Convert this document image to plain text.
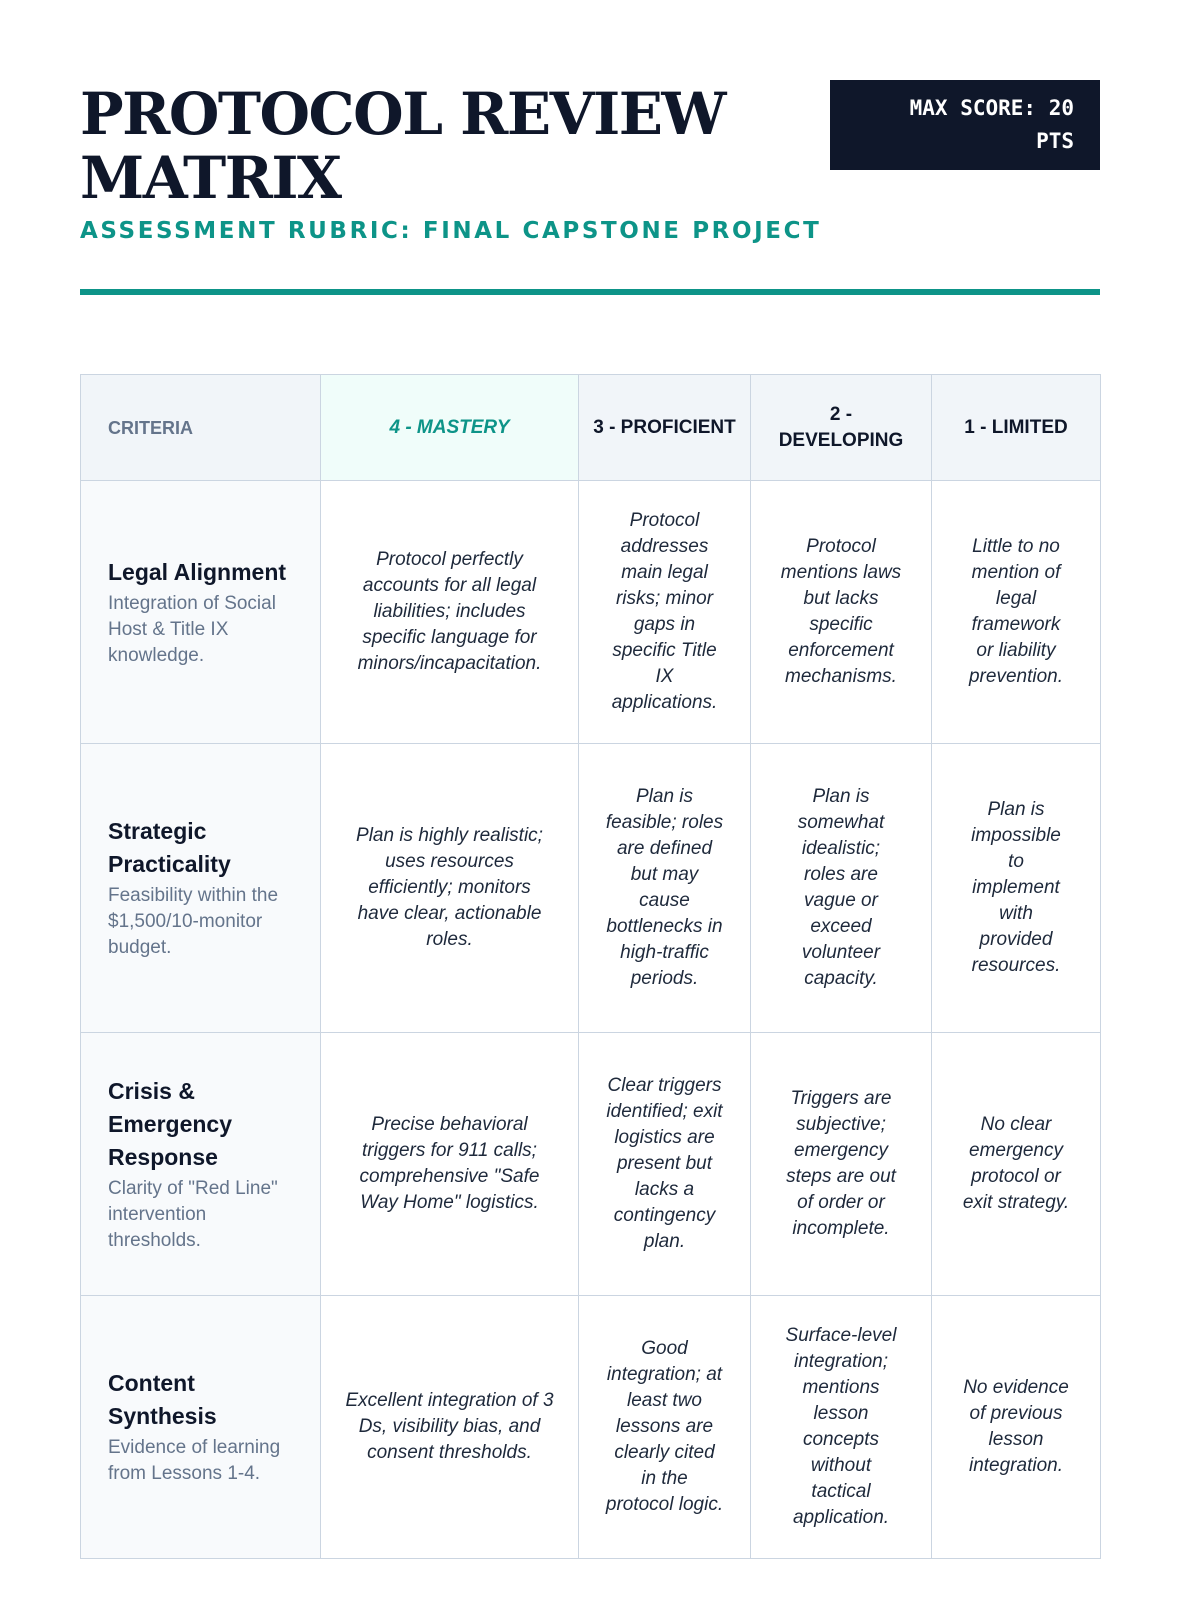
PROTOCOL REVIEW MATRIX
ASSESSMENT RUBRIC: FINAL CAPSTONE PROJECT
MAX SCORE: 20 PTS
CRITERIA	4 - MASTERY	3 - PROFICIENT	2 - DEVELOPING	1 - LIMITED

Legal Alignment
Integration of Social Host & Title IX knowledge.	Protocol perfectly accounts for all legal liabilities; includes specific language for minors/incapacitation.	Protocol addresses main legal risks; minor gaps in specific Title IX applications.	Protocol mentions laws but lacks specific enforcement mechanisms.	Little to no mention of legal framework or liability prevention.

Strategic Practicality
Feasibility within the $1,500/10-monitor budget.	Plan is highly realistic; uses resources efficiently; monitors have clear, actionable roles.	Plan is feasible; roles are defined but may cause bottlenecks in high-traffic periods.	Plan is somewhat idealistic; roles are vague or exceed volunteer capacity.	Plan is impossible to implement with provided resources.

Crisis & Emergency Response
Clarity of "Red Line" intervention thresholds.	Precise behavioral triggers for 911 calls; comprehensive "Safe Way Home" logistics.	Clear triggers identified; exit logistics are present but lacks a contingency plan.	Triggers are subjective; emergency steps are out of order or incomplete.	No clear emergency protocol or exit strategy.

Content Synthesis
Evidence of learning from Lessons 1-4.	Excellent integration of 3 Ds, visibility bias, and consent thresholds.	Good integration; at least two lessons are clearly cited in the protocol logic.	Surface-level integration; mentions lesson concepts without tactical application.	No evidence of previous lesson integration.
